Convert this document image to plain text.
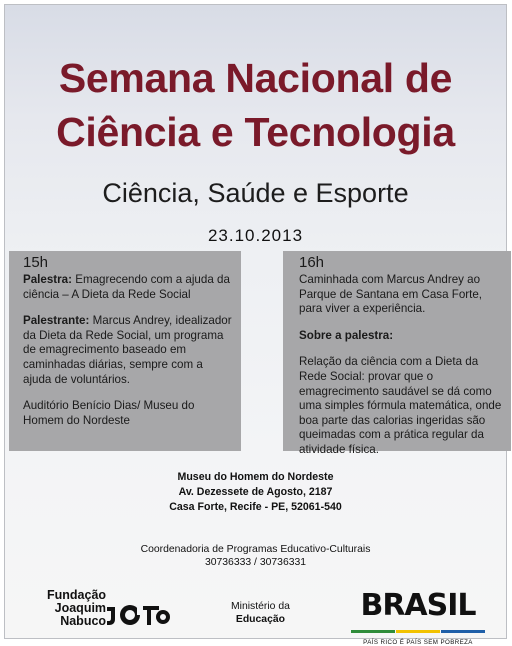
Semana Nacional de
Ciência e Tecnologia
Ciência, Saúde e Esporte
23.10.2013
15h

Palestra: Emagrecendo com a ajuda da ciência – A Dieta da Rede Social

Palestrante: Marcus Andrey, idealizador da Dieta da Rede Social, um programa de emagrecimento baseado em caminhadas diárias, sempre com a ajuda de voluntários.

Auditório Benício Dias/ Museu do Homem do Nordeste

16h

Caminhada com Marcus Andrey ao Parque de Santana em Casa Forte, para viver a experiência.

Sobre a palestra:

Relação da ciência com a Dieta da Rede Social: provar que o emagrecimento saudável se dá como uma simples fórmula matemática, onde boa parte das calorias ingeridas são queimadas com a prática regular da atividade física.

Museu do Homem do Nordeste
Av. Dezessete de Agosto, 2187
Casa Forte, Recife - PE, 52061-540
Coordenadoria de Programas Educativo-Culturais
30736333 / 30736331
Fundação
Joaquim
Nabuco
Ministério da
Educação	BRASIL
PAÍS RICO É PAÍS SEM POBREZA
